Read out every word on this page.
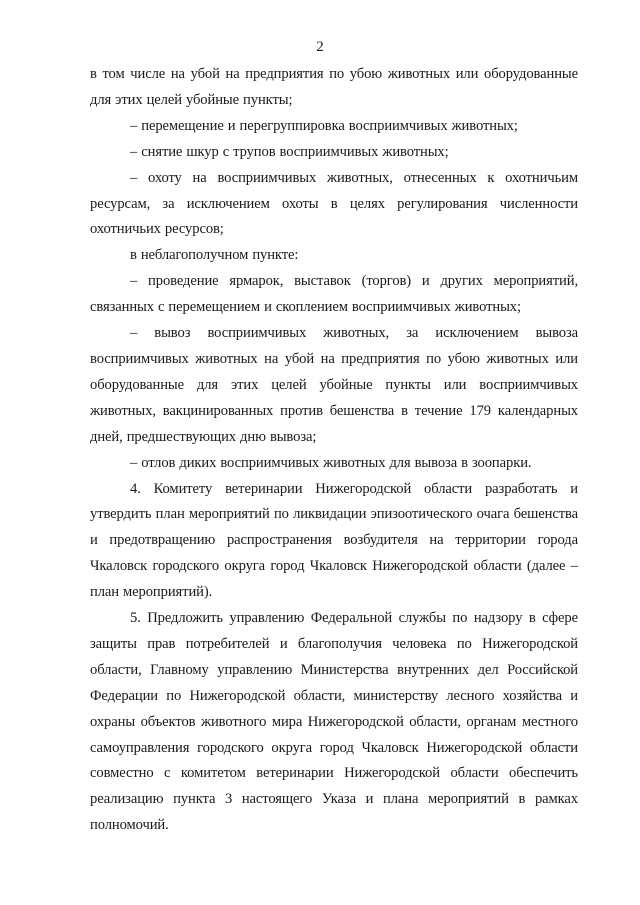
2

в том числе на убой на предприятия по убою животных или оборудованные для этих целей убойные пункты;

– перемещение и перегруппировка восприимчивых животных;

– снятие шкур с трупов восприимчивых животных;

– охоту на восприимчивых животных, отнесенных к охотничьим ресурсам, за исключением охоты в целях регулирования численности охотничьих ресурсов;

в неблагополучном пункте:

– проведение ярмарок, выставок (торгов) и других мероприятий, связанных с перемещением и скоплением восприимчивых животных;

– вывоз восприимчивых животных, за исключением вывоза восприимчивых животных на убой на предприятия по убою животных или оборудованные для этих целей убойные пункты или восприимчивых животных, вакцинированных против бешенства в течение 179 календарных дней, предшествующих дню вывоза;

– отлов диких восприимчивых животных для вывоза в зоопарки.

4. Комитету ветеринарии Нижегородской области разработать и утвердить план мероприятий по ликвидации эпизоотического очага бешенства и предотвращению распространения возбудителя на территории города Чкаловск городского округа город Чкаловск Нижегородской области (далее – план мероприятий).

5. Предложить управлению Федеральной службы по надзору в сфере защиты прав потребителей и благополучия человека по Нижегородской области, Главному управлению Министерства внутренних дел Российской Федерации по Нижегородской области, министерству лесного хозяйства и охраны объектов животного мира Нижегородской области, органам местного самоуправления городского округа город Чкаловск Нижегородской области совместно с комитетом ветеринарии Нижегородской области обеспечить реализацию пункта 3 настоящего Указа и плана мероприятий в рамках полномочий.
